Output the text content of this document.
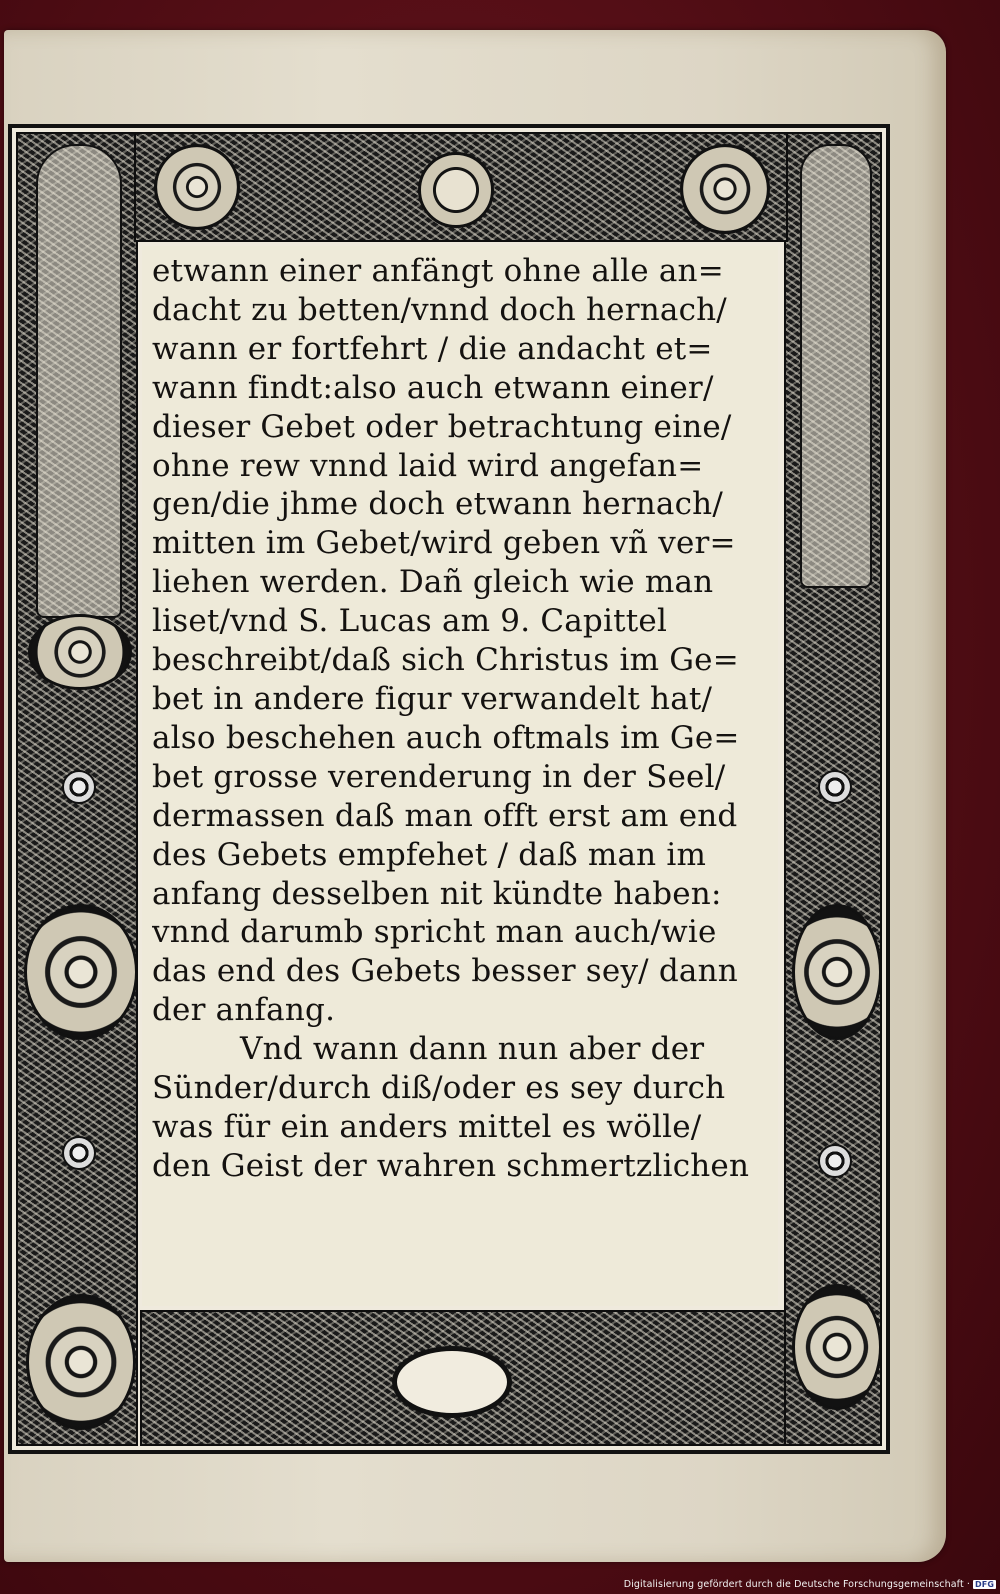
etwann einer anfängt ohne alle an=
dacht zu betten/vnnd doch hernach/
wann er fortfehrt / die andacht et=
wann findt:also auch etwann einer/
dieser Gebet oder betrachtung eine/
ohne rew vnnd laid wird angefan=
gen/die jhme doch etwann hernach/
mitten im Gebet/wird geben vñ ver=
liehen werden. Dañ gleich wie man
liset/vnd S. Lucas am 9. Capittel
beschreibt/daß sich Christus im Ge=
bet in andere figur verwandelt hat/
also beschehen auch oftmals im Ge=
bet grosse verenderung in der Seel/
dermassen daß man offt erst am end
des Gebets empfehet / daß man im
anfang desselben nit kündte haben:
vnnd darumb spricht man auch/wie
das end des Gebets besser sey/ dann
der anfang.
Vnd wann dann nun aber der
Sünder/durch diß/oder es sey durch
was für ein anders mittel es wölle/
den Geist der wahren schmertzlichen
Digitalisierung gefördert durch die Deutsche Forschungsgemeinschaft · DFG
